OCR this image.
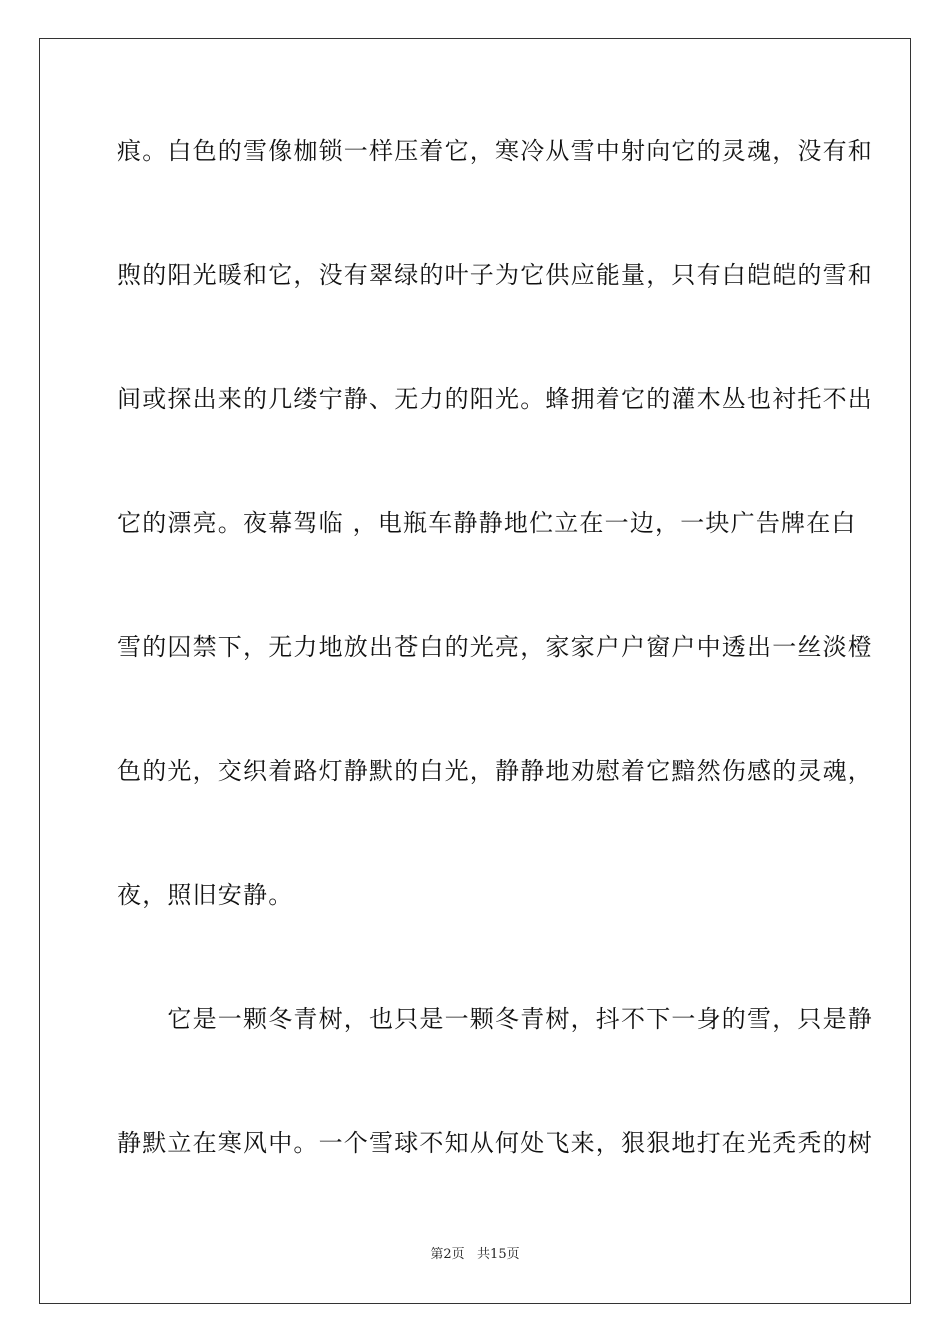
痕。白色的雪像枷锁一样压着它，寒冷从雪中射向它的灵魂，没有和
煦的阳光暖和它，没有翠绿的叶子为它供应能量，只有白皑皑的雪和
间或探出来的几缕宁静、无力的阳光。蜂拥着它的灌木丛也衬托不出
它的漂亮。夜幕驾临 ，电瓶车静静地伫立在一边，一块广告牌在白
雪的囚禁下，无力地放出苍白的光亮，家家户户窗户中透出一丝淡橙
色的光，交织着路灯静默的白光，静静地劝慰着它黯然伤感的灵魂，
夜，照旧安静。
　　它是一颗冬青树，也只是一颗冬青树，抖不下一身的雪，只是静
静默立在寒风中。一个雪球不知从何处飞来，狠狠地打在光秃秃的树
第2页   共15页
